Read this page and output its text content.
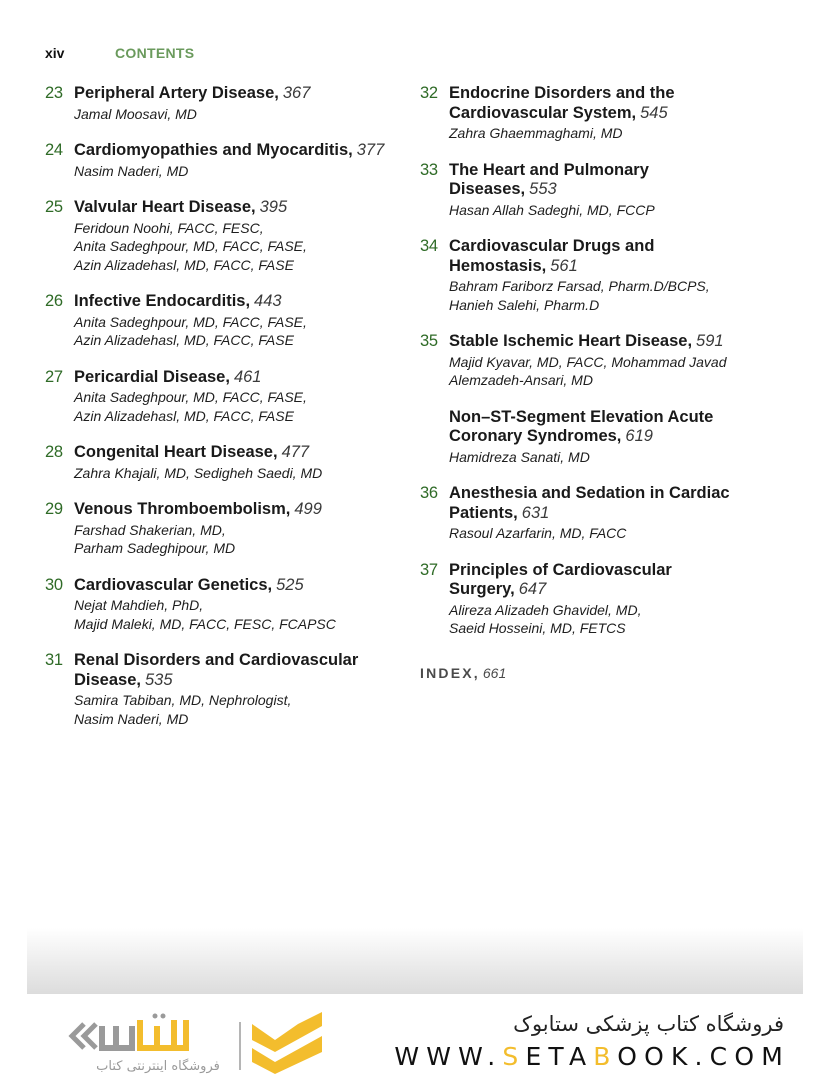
xiv	CONTENTS
23 Peripheral Artery Disease, 367
Jamal Moosavi, MD
24 Cardiomyopathies and Myocarditis, 377
Nasim Naderi, MD
25 Valvular Heart Disease, 395
Feridoun Noohi, FACC, FESC,
Anita Sadeghpour, MD, FACC, FASE,
Azin Alizadehasl, MD, FACC, FASE
26 Infective Endocarditis, 443
Anita Sadeghpour, MD, FACC, FASE,
Azin Alizadehasl, MD, FACC, FASE
27 Pericardial Disease, 461
Anita Sadeghpour, MD, FACC, FASE,
Azin Alizadehasl, MD, FACC, FASE
28 Congenital Heart Disease, 477
Zahra Khajali, MD, Sedigheh Saedi, MD
29 Venous Thromboembolism, 499
Farshad Shakerian, MD,
Parham Sadeghipour, MD
30 Cardiovascular Genetics, 525
Nejat Mahdieh, PhD,
Majid Maleki, MD, FACC, FESC, FCAPSC
31 Renal Disorders and Cardiovascular
Disease, 535
Samira Tabiban, MD, Nephrologist,
Nasim Naderi, MD
32 Endocrine Disorders and the
Cardiovascular System, 545
Zahra Ghaemmaghami, MD
33 The Heart and Pulmonary
Diseases, 553
Hasan Allah Sadeghi, MD, FCCP
34 Cardiovascular Drugs and
Hemostasis, 561
Bahram Fariborz Farsad, Pharm.D/BCPS,
Hanieh Salehi, Pharm.D
35 Stable Ischemic Heart Disease, 591
Majid Kyavar, MD, FACC, Mohammad Javad
Alemzadeh-Ansari, MD
Non–ST-Segment Elevation Acute
Coronary Syndromes, 619
Hamidreza Sanati, MD
36 Anesthesia and Sedation in Cardiac
Patients, 631
Rasoul Azarfarin, MD, FACC
37 Principles of Cardiovascular
Surgery, 647
Alireza Alizadeh Ghavidel, MD,
Saeid Hosseini, MD, FETCS
INDEX, 661
فروشگاه اینترنتی کتاب
فروشگاه کتاب پزشکی ستابوک
WWW.SETABOOK.COM
